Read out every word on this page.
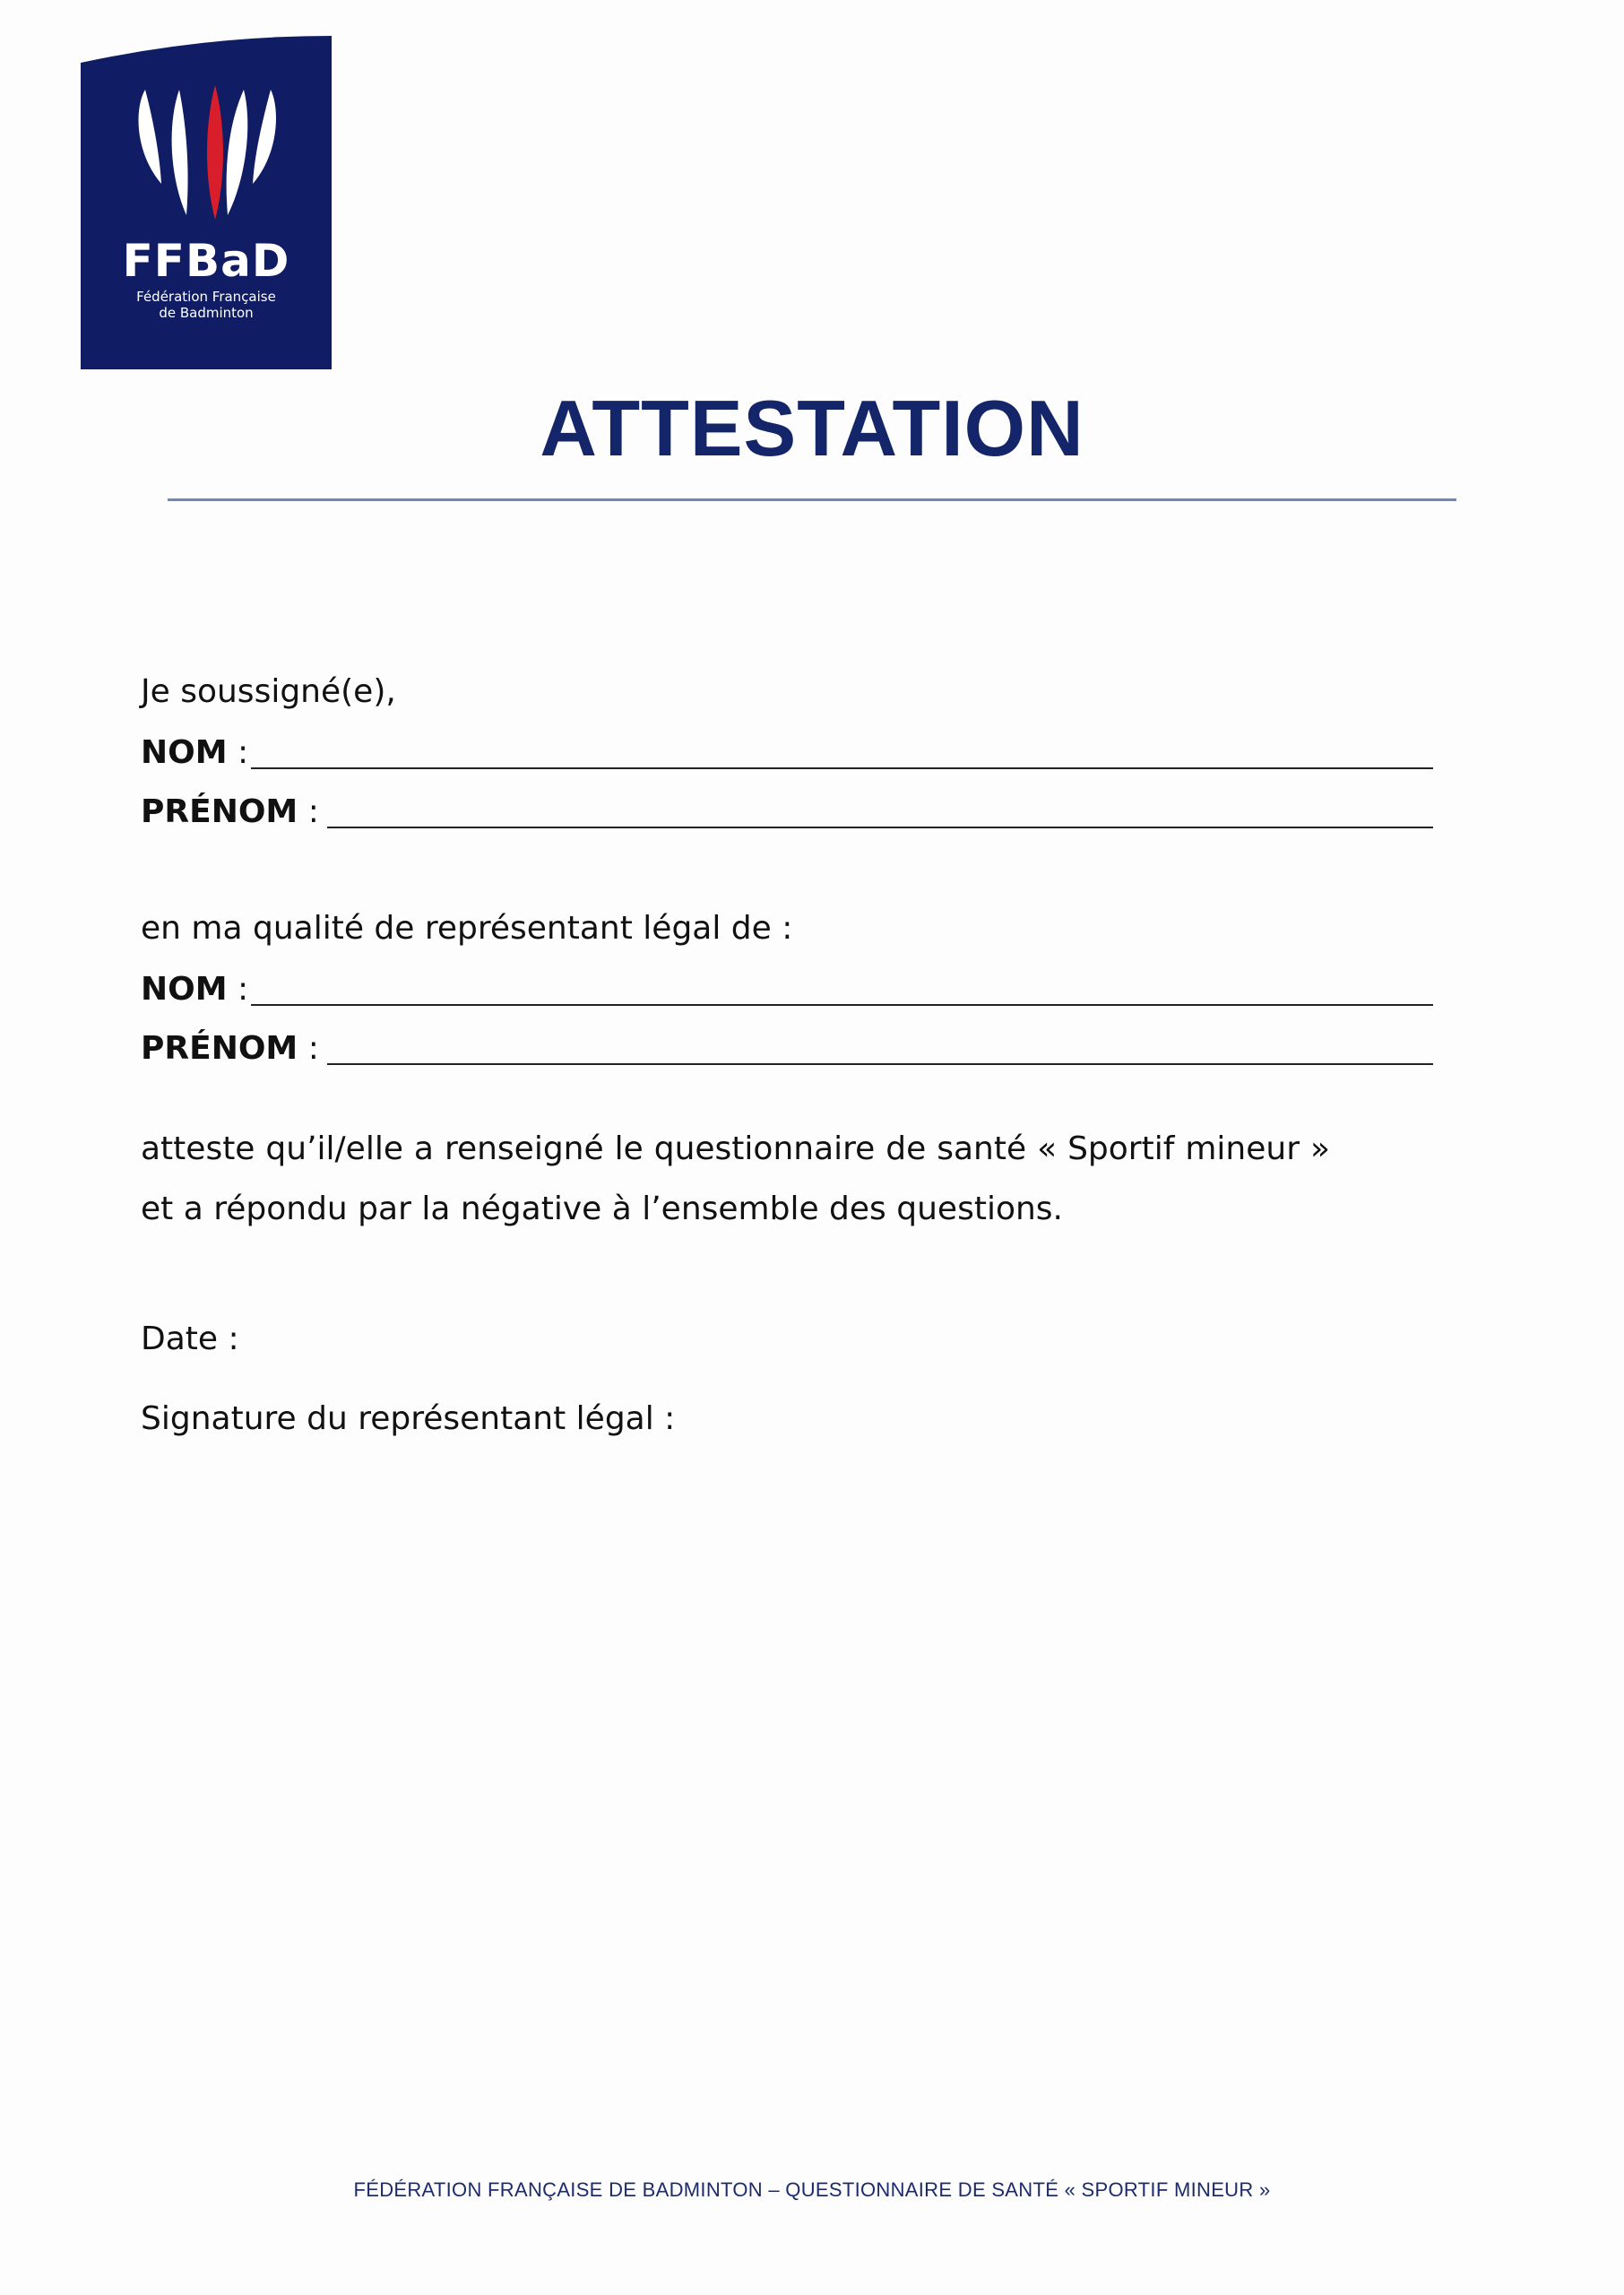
FFBaD
Fédération Française
de Badminton
ATTESTATION
Je soussigné(e),
NOM :
PRÉNOM :
en ma qualité de représentant légal de :
NOM :
PRÉNOM :
atteste qu’il/elle a renseigné le questionnaire de santé « Sportif mineur » et a répondu par la négative à l’ensemble des questions.
Date :
Signature du représentant légal :
FÉDÉRATION FRANÇAISE DE BADMINTON – QUESTIONNAIRE DE SANTÉ « SPORTIF MINEUR »
